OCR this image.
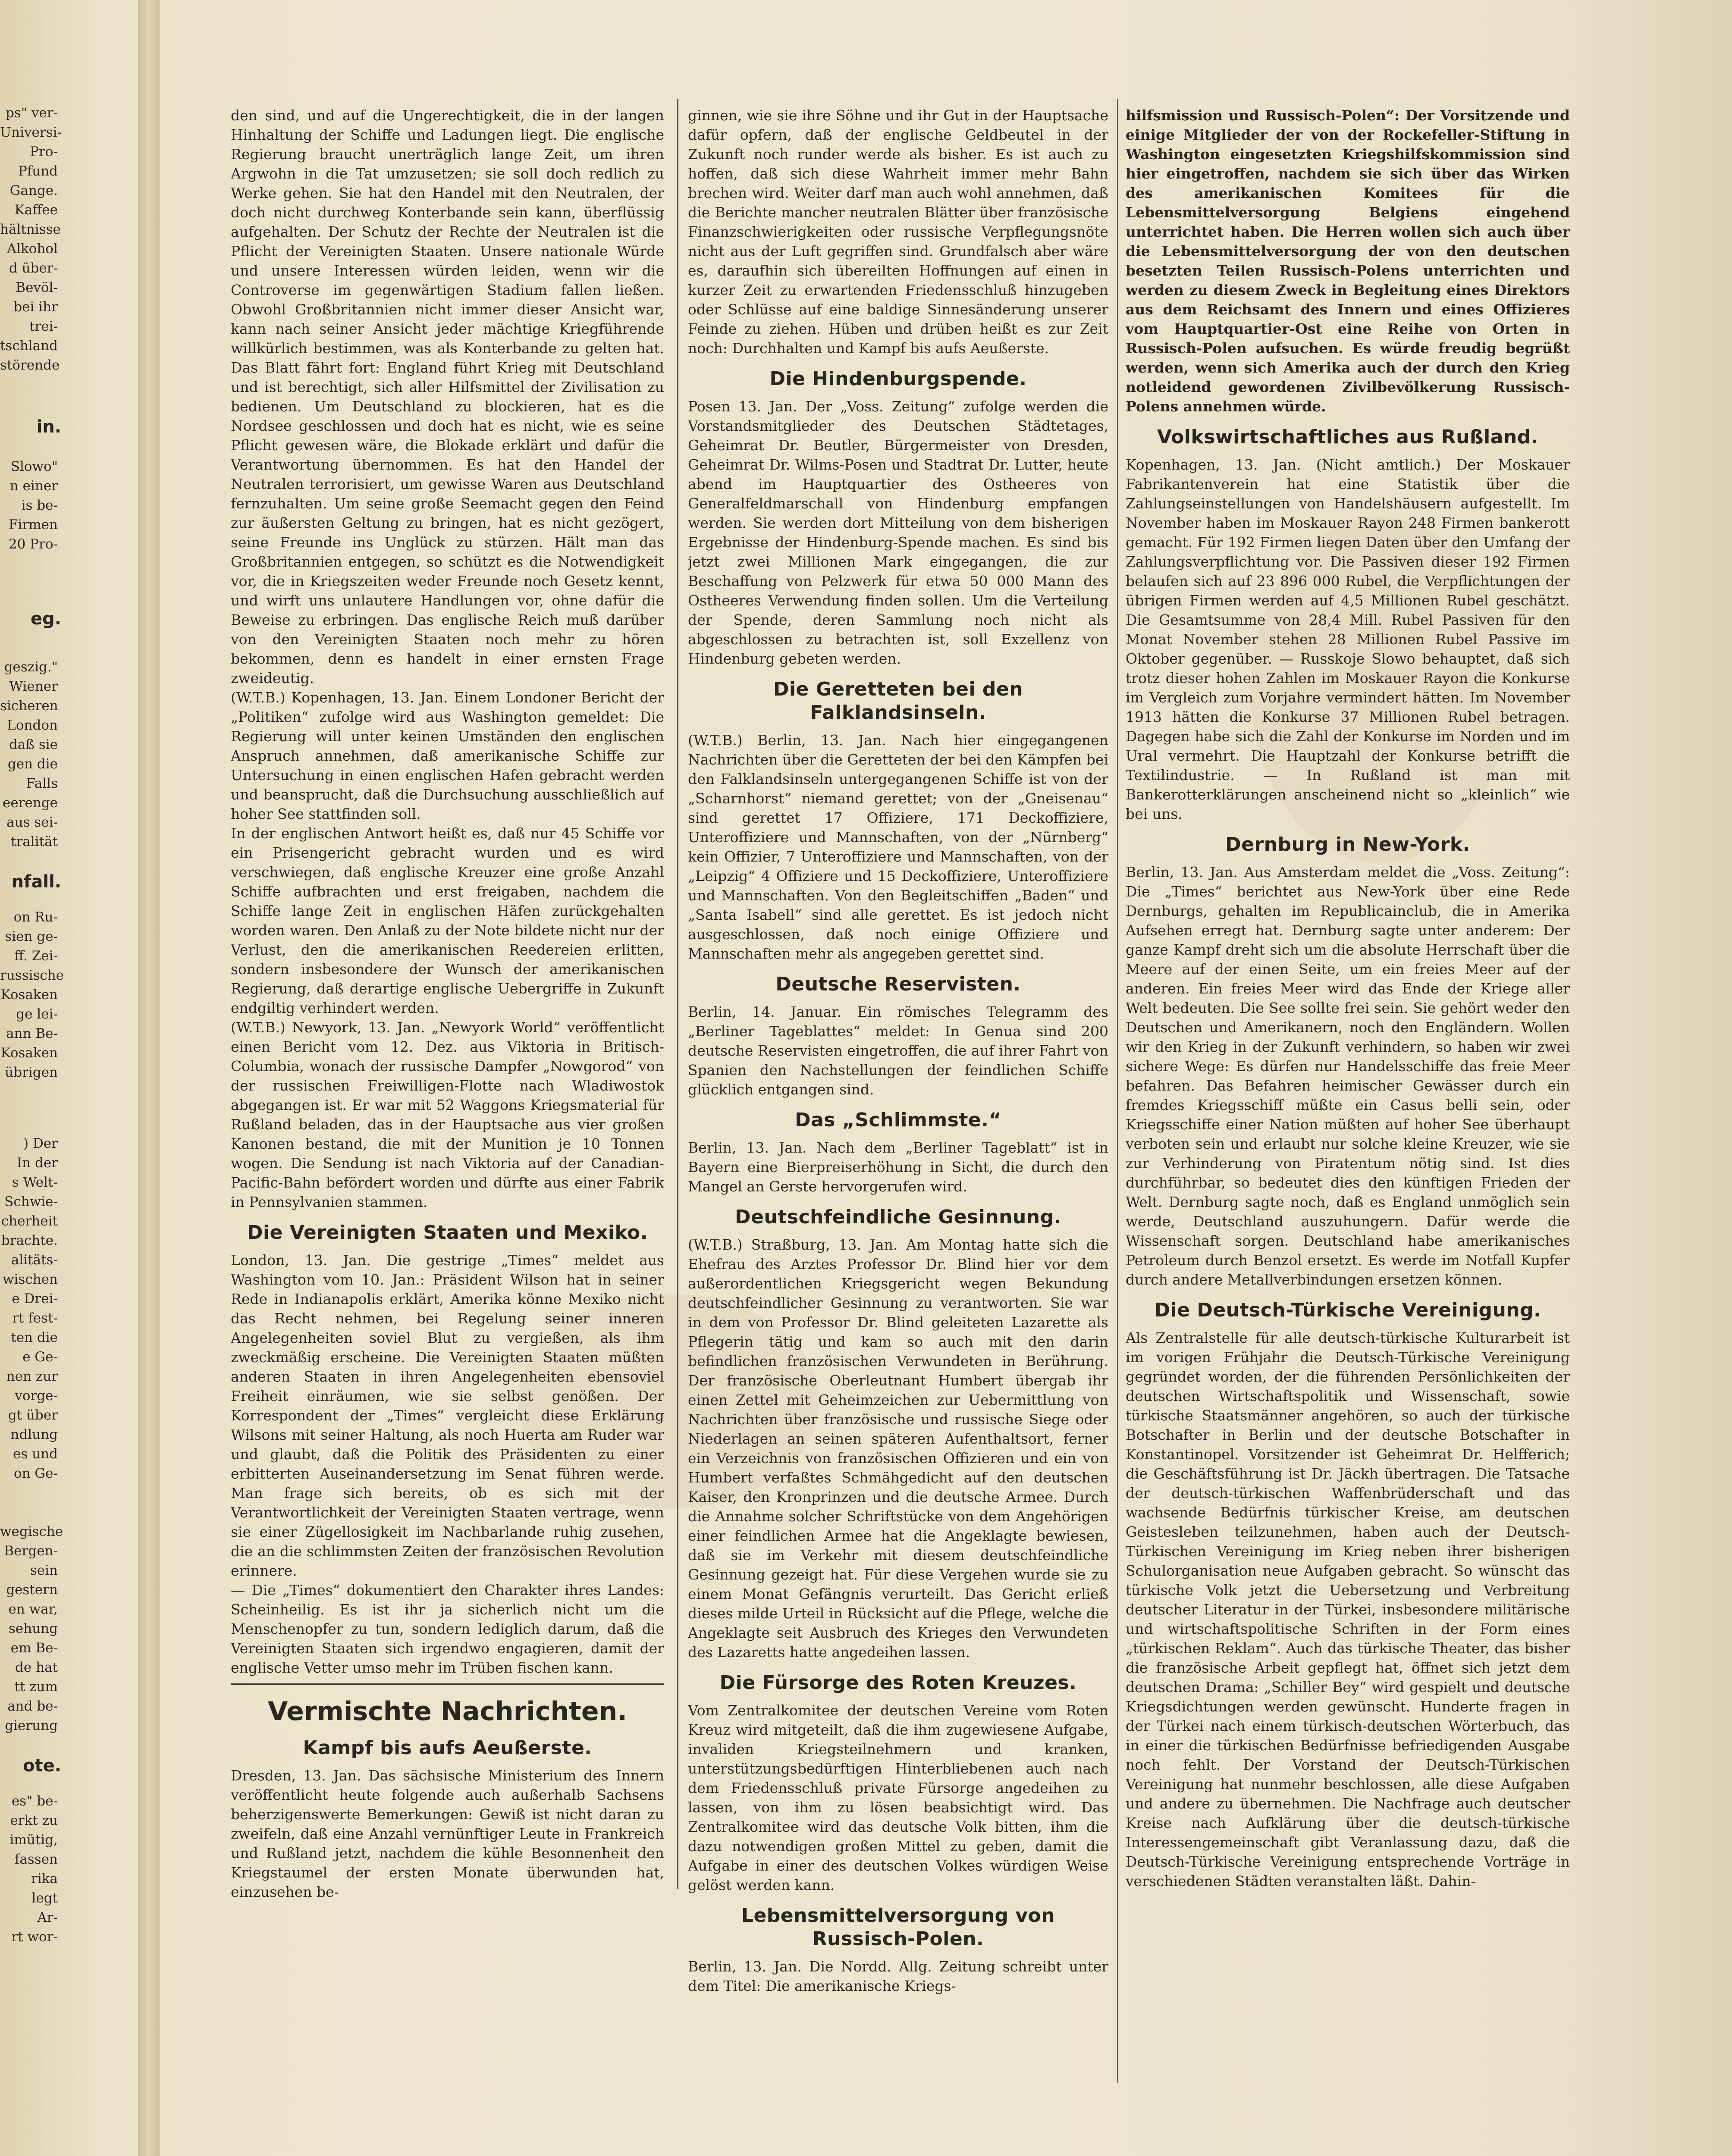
ps" ver-
Universi-
Pro-
Pfund
Gange.
Kaffee
hältnisse
Alkohol
d über-
Bevöl-
bei ihr
trei-
tschland
störende
in.
Slowo"
n einer
is be-
Firmen
20 Pro-
eg.
geszig."
Wiener
sicheren
London
daß sie
gen die
Falls
eerenge
aus sei-
tralität
nfall.
on Ru-
sien ge-
ff. Zei-
russische
Kosaken
ge lei-
ann Be-
Kosaken
übrigen
) Der
In der
s Welt-
Schwie-
cherheit
brachte.
alitäts-
wischen
e Drei-
rt fest-
ten die
e Ge-
nen zur
vorge-
gt über
ndlung
es und
on Ge-
wegische
Bergen-
sein
gestern
en war,
sehung
em Be-
de hat
tt zum
and be-
gierung
ote.
es" be-
erkt zu
imütig,
fassen
rika
legt
Ar-
rt wor-

den sind, und auf die Ungerechtigkeit, die in der langen Hinhaltung der Schiffe und Ladungen liegt. Die englische Regierung braucht unerträglich lange Zeit, um ihren Argwohn in die Tat umzusetzen; sie soll doch redlich zu Werke gehen. Sie hat den Handel mit den Neutralen, der doch nicht durchweg Konterbande sein kann, überflüssig aufgehalten. Der Schutz der Rechte der Neutralen ist die Pflicht der Vereinigten Staaten. Unsere nationale Würde und unsere Interessen würden leiden, wenn wir die Controverse im gegenwärtigen Stadium fallen ließen. Obwohl Großbritannien nicht immer dieser Ansicht war, kann nach seiner Ansicht jeder mächtige Kriegführende willkürlich bestimmen, was als Konterbande zu gelten hat. Das Blatt fährt fort: England führt Krieg mit Deutschland und ist berechtigt, sich aller Hilfsmittel der Zivilisation zu bedienen. Um Deutschland zu blockieren, hat es die Nordsee geschlossen und doch hat es nicht, wie es seine Pflicht gewesen wäre, die Blokade erklärt und dafür die Verantwortung übernommen. Es hat den Handel der Neutralen terrorisiert, um gewisse Waren aus Deutschland fernzuhalten. Um seine große Seemacht gegen den Feind zur äußersten Geltung zu bringen, hat es nicht gezögert, seine Freunde ins Unglück zu stürzen. Hält man das Großbritannien entgegen, so schützt es die Notwendigkeit vor, die in Kriegszeiten weder Freunde noch Gesetz kennt, und wirft uns unlautere Handlungen vor, ohne dafür die Beweise zu erbringen. Das englische Reich muß darüber von den Vereinigten Staaten noch mehr zu hören bekommen, denn es handelt in einer ernsten Frage zweideutig.

(W.T.B.) Kopenhagen, 13. Jan. Einem Londoner Bericht der „Politiken“ zufolge wird aus Washington gemeldet: Die Regierung will unter keinen Umständen den englischen Anspruch annehmen, daß amerikanische Schiffe zur Untersuchung in einen englischen Hafen gebracht werden und beansprucht, daß die Durchsuchung ausschließlich auf hoher See stattfinden soll.

In der englischen Antwort heißt es, daß nur 45 Schiffe vor ein Prisengericht gebracht wurden und es wird verschwiegen, daß englische Kreuzer eine große Anzahl Schiffe aufbrachten und erst freigaben, nachdem die Schiffe lange Zeit in englischen Häfen zurückgehalten worden waren. Den Anlaß zu der Note bildete nicht nur der Verlust, den die amerikanischen Reedereien erlitten, sondern insbesondere der Wunsch der amerikanischen Regierung, daß derartige englische Uebergriffe in Zukunft endgiltig verhindert werden.

(W.T.B.) Newyork, 13. Jan. „Newyork World“ veröffentlicht einen Bericht vom 12. Dez. aus Viktoria in Britisch-Columbia, wonach der russische Dampfer „Nowgorod“ von der russischen Freiwilligen-Flotte nach Wladiwostok abgegangen ist. Er war mit 52 Waggons Kriegsmaterial für Rußland beladen, das in der Hauptsache aus vier großen Kanonen bestand, die mit der Munition je 10 Tonnen wogen. Die Sendung ist nach Viktoria auf der Canadian-Pacific-Bahn befördert worden und dürfte aus einer Fabrik in Pennsylvanien stammen.

Die Vereinigten Staaten und Mexiko.

London, 13. Jan. Die gestrige „Times“ meldet aus Washington vom 10. Jan.: Präsident Wilson hat in seiner Rede in Indianapolis erklärt, Amerika könne Mexiko nicht das Recht nehmen, bei Regelung seiner inneren Angelegenheiten soviel Blut zu vergießen, als ihm zweckmäßig erscheine. Die Vereinigten Staaten müßten anderen Staaten in ihren Angelegenheiten ebensoviel Freiheit einräumen, wie sie selbst genößen. Der Korrespondent der „Times“ vergleicht diese Erklärung Wilsons mit seiner Haltung, als noch Huerta am Ruder war und glaubt, daß die Politik des Präsidenten zu einer erbitterten Auseinandersetzung im Senat führen werde. Man frage sich bereits, ob es sich mit der Verantwortlichkeit der Vereinigten Staaten vertrage, wenn sie einer Zügellosigkeit im Nachbarlande ruhig zusehen, die an die schlimmsten Zeiten der französischen Revolution erinnere.

— Die „Times“ dokumentiert den Charakter ihres Landes: Scheinheilig. Es ist ihr ja sicherlich nicht um die Menschenopfer zu tun, sondern lediglich darum, daß die Vereinigten Staaten sich irgendwo engagieren, damit der englische Vetter umso mehr im Trüben fischen kann.

Vermischte Nachrichten.
Kampf bis aufs Aeußerste.

Dresden, 13. Jan. Das sächsische Ministerium des Innern veröffentlicht heute folgende auch außerhalb Sachsens beherzigenswerte Bemerkungen: Gewiß ist nicht daran zu zweifeln, daß eine Anzahl vernünftiger Leute in Frankreich und Rußland jetzt, nachdem die kühle Besonnenheit den Kriegstaumel der ersten Monate überwunden hat, einzusehen be-

ginnen, wie sie ihre Söhne und ihr Gut in der Hauptsache dafür opfern, daß der englische Geldbeutel in der Zukunft noch runder werde als bisher. Es ist auch zu hoffen, daß sich diese Wahrheit immer mehr Bahn brechen wird. Weiter darf man auch wohl annehmen, daß die Berichte mancher neutralen Blätter über französische Finanzschwierigkeiten oder russische Verpflegungsnöte nicht aus der Luft gegriffen sind. Grundfalsch aber wäre es, daraufhin sich übereilten Hoffnungen auf einen in kurzer Zeit zu erwartenden Friedensschluß hinzugeben oder Schlüsse auf eine baldige Sinnesänderung unserer Feinde zu ziehen. Hüben und drüben heißt es zur Zeit noch: Durchhalten und Kampf bis aufs Aeußerste.

Die Hindenburgspende.

Posen 13. Jan. Der „Voss. Zeitung“ zufolge werden die Vorstandsmitglieder des Deutschen Städtetages, Geheimrat Dr. Beutler, Bürgermeister von Dresden, Geheimrat Dr. Wilms-Posen und Stadtrat Dr. Lutter, heute abend im Hauptquartier des Ostheeres von Generalfeldmarschall von Hindenburg empfangen werden. Sie werden dort Mitteilung von dem bisherigen Ergebnisse der Hindenburg-Spende machen. Es sind bis jetzt zwei Millionen Mark eingegangen, die zur Beschaffung von Pelzwerk für etwa 50 000 Mann des Ostheeres Verwendung finden sollen. Um die Verteilung der Spende, deren Sammlung noch nicht als abgeschlossen zu betrachten ist, soll Exzellenz von Hindenburg gebeten werden.

Die Geretteten bei den Falklandsinseln.

(W.T.B.) Berlin, 13. Jan. Nach hier eingegangenen Nachrichten über die Geretteten der bei den Kämpfen bei den Falklandsinseln untergegangenen Schiffe ist von der „Scharnhorst“ niemand gerettet; von der „Gneisenau“ sind gerettet 17 Offiziere, 171 Deckoffiziere, Unteroffiziere und Mannschaften, von der „Nürnberg“ kein Offizier, 7 Unteroffiziere und Mannschaften, von der „Leipzig“ 4 Offiziere und 15 Deckoffiziere, Unteroffiziere und Mannschaften. Von den Begleitschiffen „Baden“ und „Santa Isabell“ sind alle gerettet. Es ist jedoch nicht ausgeschlossen, daß noch einige Offiziere und Mannschaften mehr als angegeben gerettet sind.

Deutsche Reservisten.

Berlin, 14. Januar. Ein römisches Telegramm des „Berliner Tageblattes“ meldet: In Genua sind 200 deutsche Reservisten eingetroffen, die auf ihrer Fahrt von Spanien den Nachstellungen der feindlichen Schiffe glücklich entgangen sind.

Das „Schlimmste.“

Berlin, 13. Jan. Nach dem „Berliner Tageblatt“ ist in Bayern eine Bierpreiserhöhung in Sicht, die durch den Mangel an Gerste hervorgerufen wird.

Deutschfeindliche Gesinnung.

(W.T.B.) Straßburg, 13. Jan. Am Montag hatte sich die Ehefrau des Arztes Professor Dr. Blind hier vor dem außerordentlichen Kriegsgericht wegen Bekundung deutschfeindlicher Gesinnung zu verantworten. Sie war in dem von Professor Dr. Blind geleiteten Lazarette als Pflegerin tätig und kam so auch mit den darin befindlichen französischen Verwundeten in Berührung. Der französische Oberleutnant Humbert übergab ihr einen Zettel mit Geheimzeichen zur Uebermittlung von Nachrichten über französische und russische Siege oder Niederlagen an seinen späteren Aufenthaltsort, ferner ein Verzeichnis von französischen Offizieren und ein von Humbert verfaßtes Schmähgedicht auf den deutschen Kaiser, den Kronprinzen und die deutsche Armee. Durch die Annahme solcher Schriftstücke von dem Angehörigen einer feindlichen Armee hat die Angeklagte bewiesen, daß sie im Verkehr mit diesem deutschfeindliche Gesinnung gezeigt hat. Für diese Vergehen wurde sie zu einem Monat Gefängnis verurteilt. Das Gericht erließ dieses milde Urteil in Rücksicht auf die Pflege, welche die Angeklagte seit Ausbruch des Krieges den Verwundeten des Lazaretts hatte angedeihen lassen.

Die Fürsorge des Roten Kreuzes.

Vom Zentralkomitee der deutschen Vereine vom Roten Kreuz wird mitgeteilt, daß die ihm zugewiesene Aufgabe, invaliden Kriegsteilnehmern und kranken, unterstützungsbedürftigen Hinterbliebenen auch nach dem Friedensschluß private Fürsorge angedeihen zu lassen, von ihm zu lösen beabsichtigt wird. Das Zentralkomitee wird das deutsche Volk bitten, ihm die dazu notwendigen großen Mittel zu geben, damit die Aufgabe in einer des deutschen Volkes würdigen Weise gelöst werden kann.

Lebensmittelversorgung von Russisch-Polen.

Berlin, 13. Jan. Die Nordd. Allg. Zeitung schreibt unter dem Titel: Die amerikanische Kriegs-

hilfsmission und Russisch-Polen“: Der Vorsitzende und einige Mitglieder der von der Rockefeller-Stiftung in Washington eingesetzten Kriegshilfskommission sind hier eingetroffen, nachdem sie sich über das Wirken des amerikanischen Komitees für die Lebensmittelversorgung Belgiens eingehend unterrichtet haben. Die Herren wollen sich auch über die Lebensmittelversorgung der von den deutschen besetzten Teilen Russisch-Polens unterrichten und werden zu diesem Zweck in Begleitung eines Direktors aus dem Reichsamt des Innern und eines Offizieres vom Hauptquartier-Ost eine Reihe von Orten in Russisch-Polen aufsuchen. Es würde freudig begrüßt werden, wenn sich Amerika auch der durch den Krieg notleidend gewordenen Zivilbevölkerung Russisch-Polens annehmen würde.

Volkswirtschaftliches aus Rußland.

Kopenhagen, 13. Jan. (Nicht amtlich.) Der Moskauer Fabrikantenverein hat eine Statistik über die Zahlungseinstellungen von Handelshäusern aufgestellt. Im November haben im Moskauer Rayon 248 Firmen bankerott gemacht. Für 192 Firmen liegen Daten über den Umfang der Zahlungsverpflichtung vor. Die Passiven dieser 192 Firmen belaufen sich auf 23 896 000 Rubel, die Verpflichtungen der übrigen Firmen werden auf 4,5 Millionen Rubel geschätzt. Die Gesamtsumme von 28,4 Mill. Rubel Passiven für den Monat November stehen 28 Millionen Rubel Passive im Oktober gegenüber. — Russkoje Slowo behauptet, daß sich trotz dieser hohen Zahlen im Moskauer Rayon die Konkurse im Vergleich zum Vorjahre vermindert hätten. Im November 1913 hätten die Konkurse 37 Millionen Rubel betragen. Dagegen habe sich die Zahl der Konkurse im Norden und im Ural vermehrt. Die Hauptzahl der Konkurse betrifft die Textilindustrie. — In Rußland ist man mit Bankerotterklärungen anscheinend nicht so „kleinlich“ wie bei uns.

Dernburg in New-York.

Berlin, 13. Jan. Aus Amsterdam meldet die „Voss. Zeitung“: Die „Times“ berichtet aus New-York über eine Rede Dernburgs, gehalten im Republicainclub, die in Amerika Aufsehen erregt hat. Dernburg sagte unter anderem: Der ganze Kampf dreht sich um die absolute Herrschaft über die Meere auf der einen Seite, um ein freies Meer auf der anderen. Ein freies Meer wird das Ende der Kriege aller Welt bedeuten. Die See sollte frei sein. Sie gehört weder den Deutschen und Amerikanern, noch den Engländern. Wollen wir den Krieg in der Zukunft verhindern, so haben wir zwei sichere Wege: Es dürfen nur Handelsschiffe das freie Meer befahren. Das Befahren heimischer Gewässer durch ein fremdes Kriegsschiff müßte ein Casus belli sein, oder Kriegsschiffe einer Nation müßten auf hoher See überhaupt verboten sein und erlaubt nur solche kleine Kreuzer, wie sie zur Verhinderung von Piratentum nötig sind. Ist dies durchführbar, so bedeutet dies den künftigen Frieden der Welt. Dernburg sagte noch, daß es England unmöglich sein werde, Deutschland auszuhungern. Dafür werde die Wissenschaft sorgen. Deutschland habe amerikanisches Petroleum durch Benzol ersetzt. Es werde im Notfall Kupfer durch andere Metallverbindungen ersetzen können.

Die Deutsch-Türkische Vereinigung.

Als Zentralstelle für alle deutsch-türkische Kulturarbeit ist im vorigen Frühjahr die Deutsch-Türkische Vereinigung gegründet worden, der die führenden Persönlichkeiten der deutschen Wirtschaftspolitik und Wissenschaft, sowie türkische Staatsmänner angehören, so auch der türkische Botschafter in Berlin und der deutsche Botschafter in Konstantinopel. Vorsitzender ist Geheimrat Dr. Helfferich; die Geschäftsführung ist Dr. Jäckh übertragen. Die Tatsache der deutsch-türkischen Waffenbrüderschaft und das wachsende Bedürfnis türkischer Kreise, am deutschen Geistesleben teilzunehmen, haben auch der Deutsch-Türkischen Vereinigung im Krieg neben ihrer bisherigen Schulorganisation neue Aufgaben gebracht. So wünscht das türkische Volk jetzt die Uebersetzung und Verbreitung deutscher Literatur in der Türkei, insbesondere militärische und wirtschaftspolitische Schriften in der Form eines „türkischen Reklam“. Auch das türkische Theater, das bisher die französische Arbeit gepflegt hat, öffnet sich jetzt dem deutschen Drama: „Schiller Bey“ wird gespielt und deutsche Kriegsdichtungen werden gewünscht. Hunderte fragen in der Türkei nach einem türkisch-deutschen Wörterbuch, das in einer die türkischen Bedürfnisse befriedigenden Ausgabe noch fehlt. Der Vorstand der Deutsch-Türkischen Vereinigung hat nunmehr beschlossen, alle diese Aufgaben und andere zu übernehmen. Die Nachfrage auch deutscher Kreise nach Aufklärung über die deutsch-türkische Interessengemeinschaft gibt Veranlassung dazu, daß die Deutsch-Türkische Vereinigung entsprechende Vorträge in verschiedenen Städten veranstalten läßt. Dahin-
